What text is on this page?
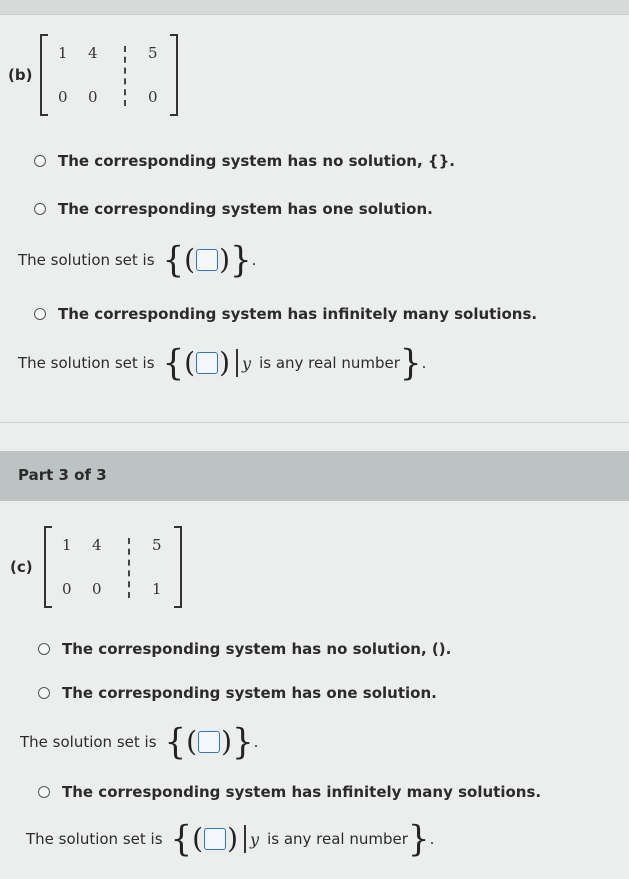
(b)
1 4	5
0 0	0
The corresponding system has no solution, {}.
The corresponding system has one solution.
The solution set is { ( ) } .
The corresponding system has infinitely many solutions.
The solution set is { ( ) y is any real number } .
Part 3 of 3
(c)
1 4	5
0 0	1
The corresponding system has no solution, ().
The corresponding system has one solution.
The solution set is { ( ) } .
The corresponding system has infinitely many solutions.
The solution set is { ( ) y is any real number } .
